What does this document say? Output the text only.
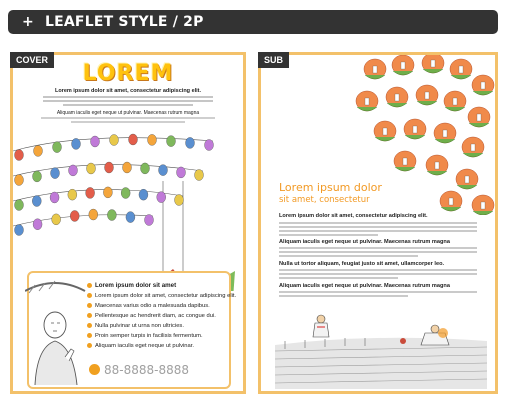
+ LEAFLET STYLE / 2P
COVER
LOREM
Lorem ipsum dolor sit amet, consectetur adipiscing elit.
Aliquam iaculis eget neque ut pulvinar. Maecenas rutrum magna
Lorem ipsum dolor sit amet
Lorem ipsum dolor sit amet, consectetur adipiscing elit.
Maecenas varius odio a malesuada dapibus.
Pellentesque ac hendrerit diam, ac congue dui.
Nulla pulvinar ut urna non ultricies.
Proin semper turpis in facilisis fermentum.
Aliquam iaculis eget neque ut pulvinar.
88-8888-8888
SUB
Lorem ipsum dolor
sit amet, consectetur
Lorem ipsum dolor sit amet, consectetur adipiscing elit.
Aliquam iaculis eget neque ut pulvinar. Maecenas rutrum magna
Nulla ut tortor aliquam, feugiat justo sit amet, ullamcorper leo.
Aliquam iaculis eget neque ut pulvinar. Maecenas rutrum magna
